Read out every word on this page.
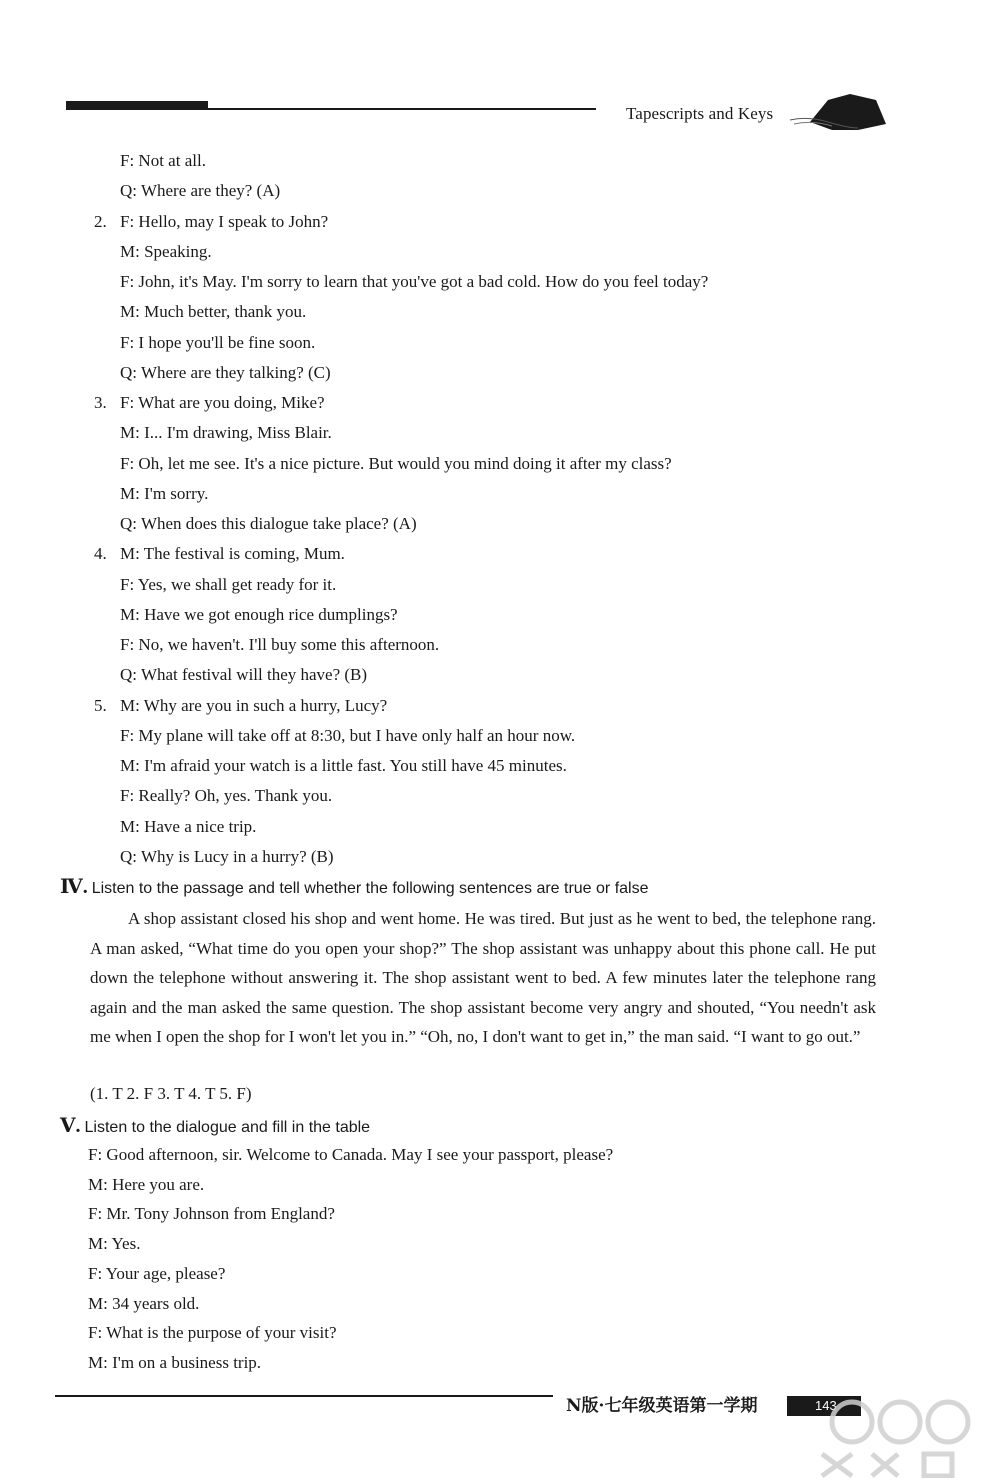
Tapescripts and Keys
F: Not at all.
Q: Where are they? (A)
2. F: Hello, may I speak to John?
M: Speaking.
F: John, it's May. I'm sorry to learn that you've got a bad cold. How do you feel today?
M: Much better, thank you.
F: I hope you'll be fine soon.
Q: Where are they talking? (C)
3. F: What are you doing, Mike?
M: I... I'm drawing, Miss Blair.
F: Oh, let me see. It's a nice picture. But would you mind doing it after my class?
M: I'm sorry.
Q: When does this dialogue take place? (A)
4. M: The festival is coming, Mum.
F: Yes, we shall get ready for it.
M: Have we got enough rice dumplings?
F: No, we haven't. I'll buy some this afternoon.
Q: What festival will they have? (B)
5. M: Why are you in such a hurry, Lucy?
F: My plane will take off at 8:30, but I have only half an hour now.
M: I'm afraid your watch is a little fast. You still have 45 minutes.
F: Really? Oh, yes. Thank you.
M: Have a nice trip.
Q: Why is Lucy in a hurry? (B)
Ⅳ. Listen to the passage and tell whether the following sentences are true or false
A shop assistant closed his shop and went home. He was tired. But just as he went to bed, the telephone rang. A man asked, “What time do you open your shop?” The shop assistant was unhappy about this phone call. He put down the telephone without answering it. The shop assistant went to bed. A few minutes later the telephone rang again and the man asked the same question. The shop assistant become very angry and shouted, “You needn't ask me when I open the shop for I won't let you in.” “Oh, no, I don't want to get in,” the man said. “I want to go out.”
(1. T 2. F 3. T 4. T 5. F)
Ⅴ. Listen to the dialogue and fill in the table
F: Good afternoon, sir. Welcome to Canada. May I see your passport, please?
M: Here you are.
F: Mr. Tony Johnson from England?
M: Yes.
F: Your age, please?
M: 34 years old.
F: What is the purpose of your visit?
M: I'm on a business trip.
N版·七年级英语第一学期	143
